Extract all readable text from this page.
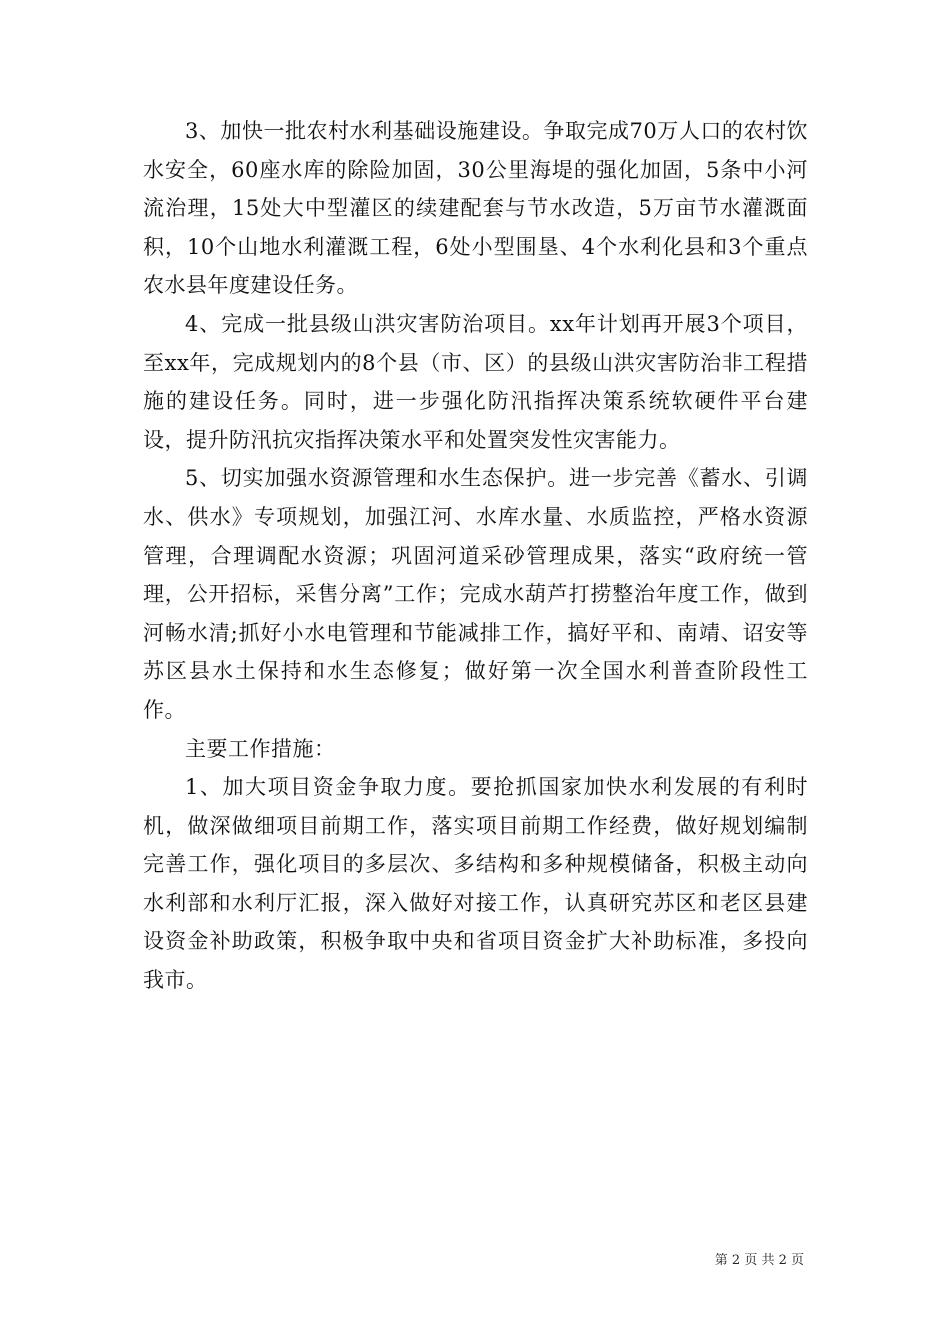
3、加快一批农村水利基础设施建设。争取完成70万人口的农村饮水安全，60座水库的除险加固，30公里海堤的强化加固，5条中小河流治理，15处大中型灌区的续建配套与节水改造，5万亩节水灌溉面积，10个山地水利灌溉工程，6处小型围垦、4个水利化县和3个重点农水县年度建设任务。

4、完成一批县级山洪灾害防治项目。xx年计划再开展3个项目，至xx年，完成规划内的8个县（市、区）的县级山洪灾害防治非工程措施的建设任务。同时，进一步强化防汛指挥决策系统软硬件平台建设，提升防汛抗灾指挥决策水平和处置突发性灾害能力。

5、切实加强水资源管理和水生态保护。进一步完善《蓄水、引调水、供水》专项规划，加强江河、水库水量、水质监控，严格水资源管理，合理调配水资源；巩固河道采砂管理成果，落实“政府统一管理，公开招标，采售分离”工作；完成水葫芦打捞整治年度工作，做到河畅水清;抓好小水电管理和节能减排工作，搞好平和、南靖、诏安等苏区县水土保持和水生态修复；做好第一次全国水利普查阶段性工作。

主要工作措施：

1、加大项目资金争取力度。要抢抓国家加快水利发展的有利时机，做深做细项目前期工作，落实项目前期工作经费，做好规划编制完善工作，强化项目的多层次、多结构和多种规模储备，积极主动向水利部和水利厅汇报，深入做好对接工作，认真研究苏区和老区县建设资金补助政策，积极争取中央和省项目资金扩大补助标准，多投向我市。

第 2 页 共 2 页
